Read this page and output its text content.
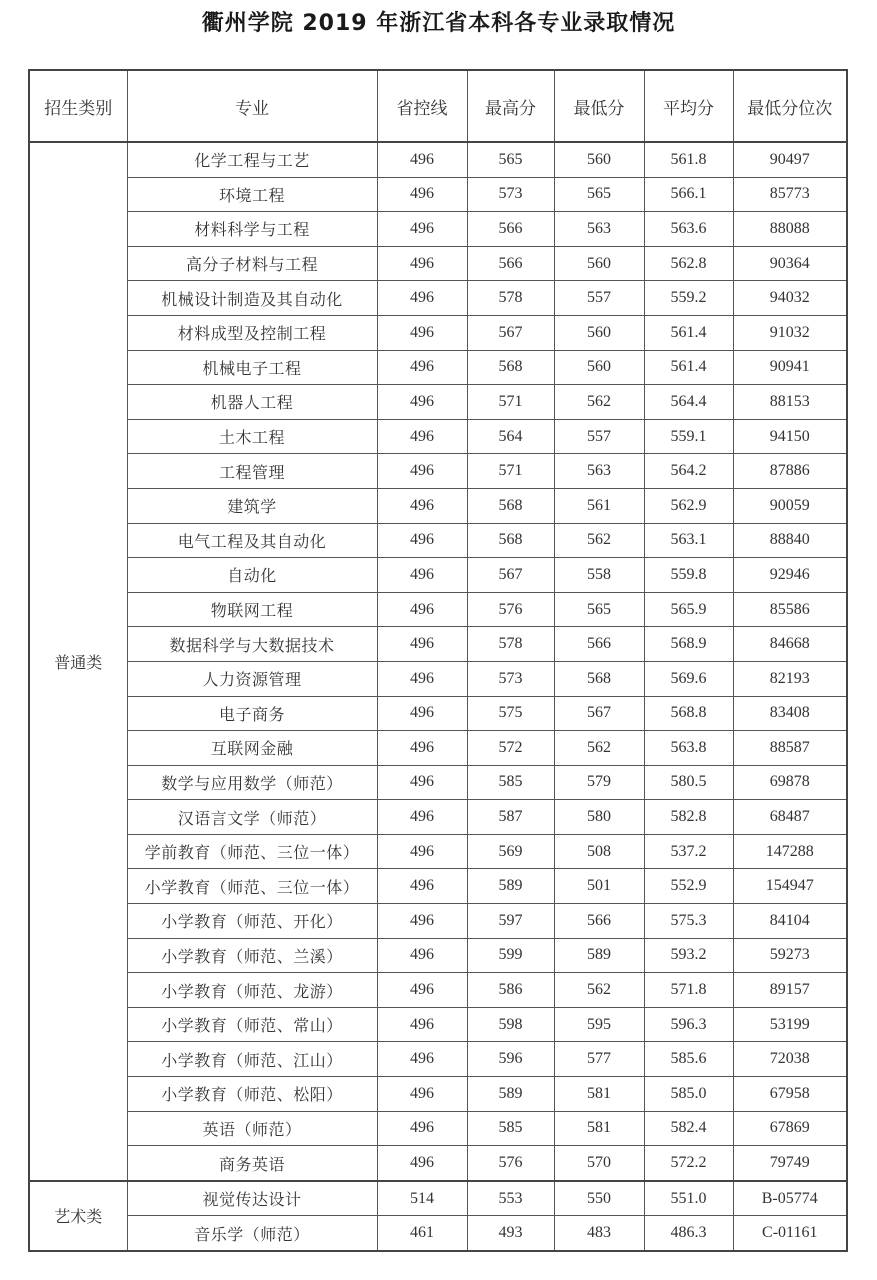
衢州学院 2019 年浙江省本科各专业录取情况
招生类别	专业	省控线	最高分	最低分	平均分	最低分位次
普通类	化学工程与工艺	496	565	560	561.8	90497
	环境工程	496	573	565	566.1	85773
	材料科学与工程	496	566	563	563.6	88088
	高分子材料与工程	496	566	560	562.8	90364
	机械设计制造及其自动化	496	578	557	559.2	94032
	材料成型及控制工程	496	567	560	561.4	91032
	机械电子工程	496	568	560	561.4	90941
	机器人工程	496	571	562	564.4	88153
	土木工程	496	564	557	559.1	94150
	工程管理	496	571	563	564.2	87886
	建筑学	496	568	561	562.9	90059
	电气工程及其自动化	496	568	562	563.1	88840
	自动化	496	567	558	559.8	92946
	物联网工程	496	576	565	565.9	85586
	数据科学与大数据技术	496	578	566	568.9	84668
	人力资源管理	496	573	568	569.6	82193
	电子商务	496	575	567	568.8	83408
	互联网金融	496	572	562	563.8	88587
	数学与应用数学（师范）	496	585	579	580.5	69878
	汉语言文学（师范）	496	587	580	582.8	68487
	学前教育（师范、三位一体）	496	569	508	537.2	147288
	小学教育（师范、三位一体）	496	589	501	552.9	154947
	小学教育（师范、开化）	496	597	566	575.3	84104
	小学教育（师范、兰溪）	496	599	589	593.2	59273
	小学教育（师范、龙游）	496	586	562	571.8	89157
	小学教育（师范、常山）	496	598	595	596.3	53199
	小学教育（师范、江山）	496	596	577	585.6	72038
	小学教育（师范、松阳）	496	589	581	585.0	67958
	英语（师范）	496	585	581	582.4	67869
	商务英语	496	576	570	572.2	79749
艺术类	视觉传达设计	514	553	550	551.0	B-05774
	音乐学（师范）	461	493	483	486.3	C-01161
